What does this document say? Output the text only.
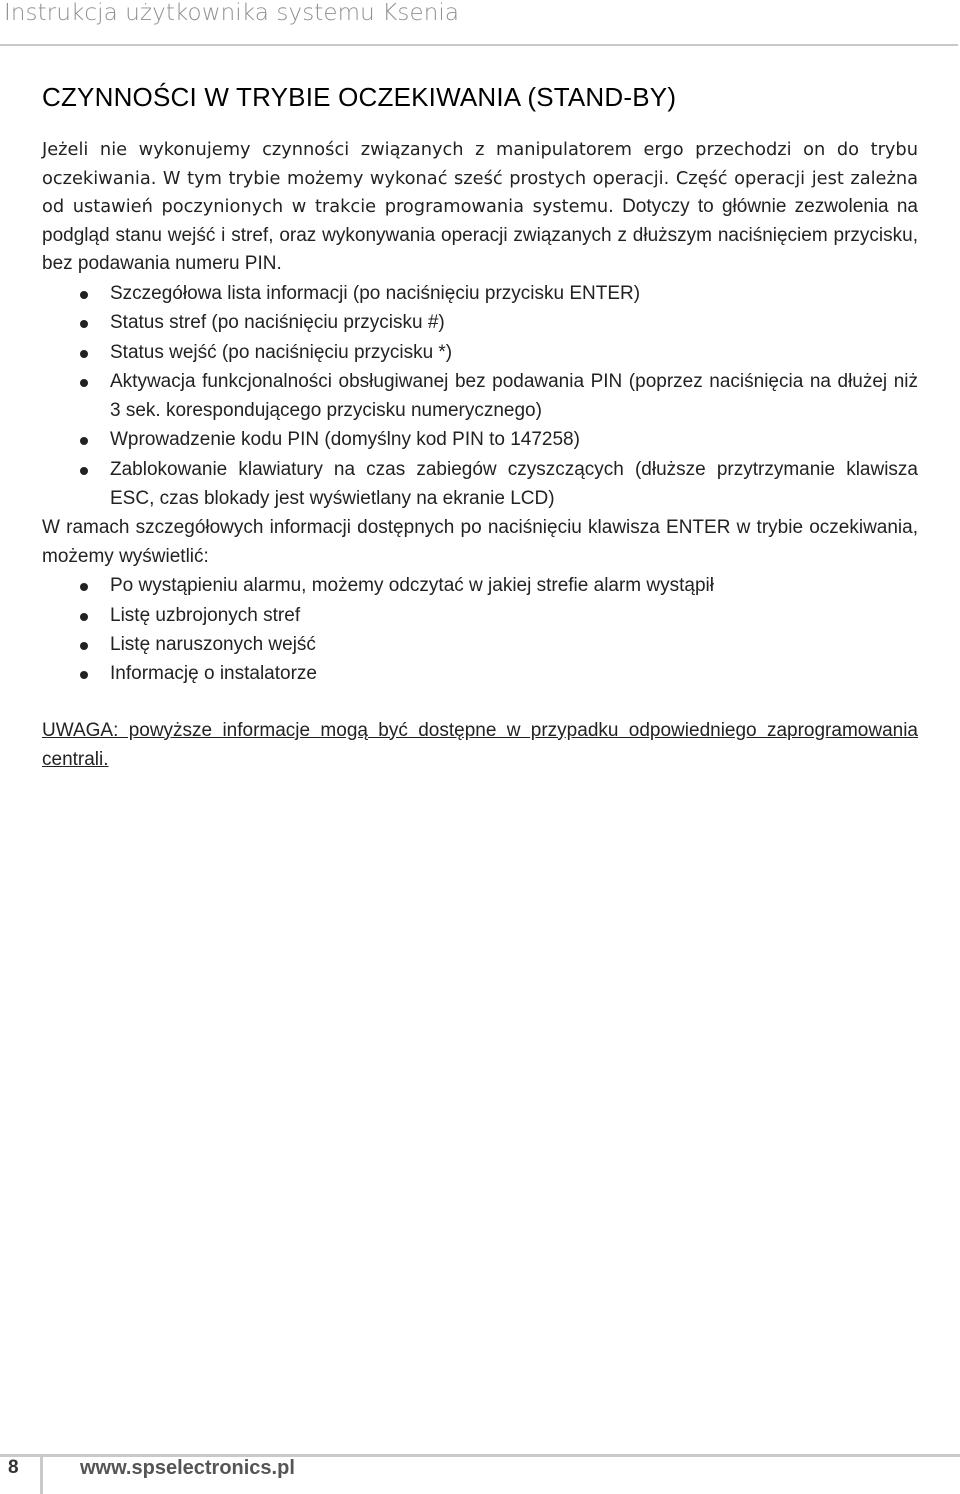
Instrukcja użytkownika systemu Ksenia
CZYNNOŚCI W TRYBIE OCZEKIWANIA (STAND-BY)

Jeżeli nie wykonujemy czynności związanych z manipulatorem ergo przechodzi on do trybu oczekiwania. W tym trybie możemy wykonać sześć prostych operacji. Część operacji jest zależna od ustawień poczynionych w trakcie programowania systemu. Dotyczy to głównie zezwolenia na podgląd stanu wejść i stref, oraz wykonywania operacji związanych z dłuższym naciśnięciem przycisku, bez podawania numeru PIN.

Szczegółowa lista informacji (po naciśnięciu przycisku ENTER)
Status stref (po naciśnięciu przycisku #)
Status wejść (po naciśnięciu przycisku *)
Aktywacja funkcjonalności obsługiwanej bez podawania PIN (poprzez naciśnięcia na dłużej niż 3 sek. korespondującego przycisku numerycznego)
Wprowadzenie kodu PIN (domyślny kod PIN to 147258)
Zablokowanie klawiatury na czas zabiegów czyszczących (dłuższe przytrzymanie klawisza ESC, czas blokady jest wyświetlany na ekranie LCD)

W ramach szczegółowych informacji dostępnych po naciśnięciu klawisza ENTER w trybie oczekiwania, możemy wyświetlić:

Po wystąpieniu alarmu, możemy odczytać w jakiej strefie alarm wystąpił
Listę uzbrojonych stref
Listę naruszonych wejść
Informację o instalatorze

UWAGA: powyższe informacje mogą być dostępne w przypadku odpowiedniego zaprogramowania centrali.

8	www.spselectronics.pl
